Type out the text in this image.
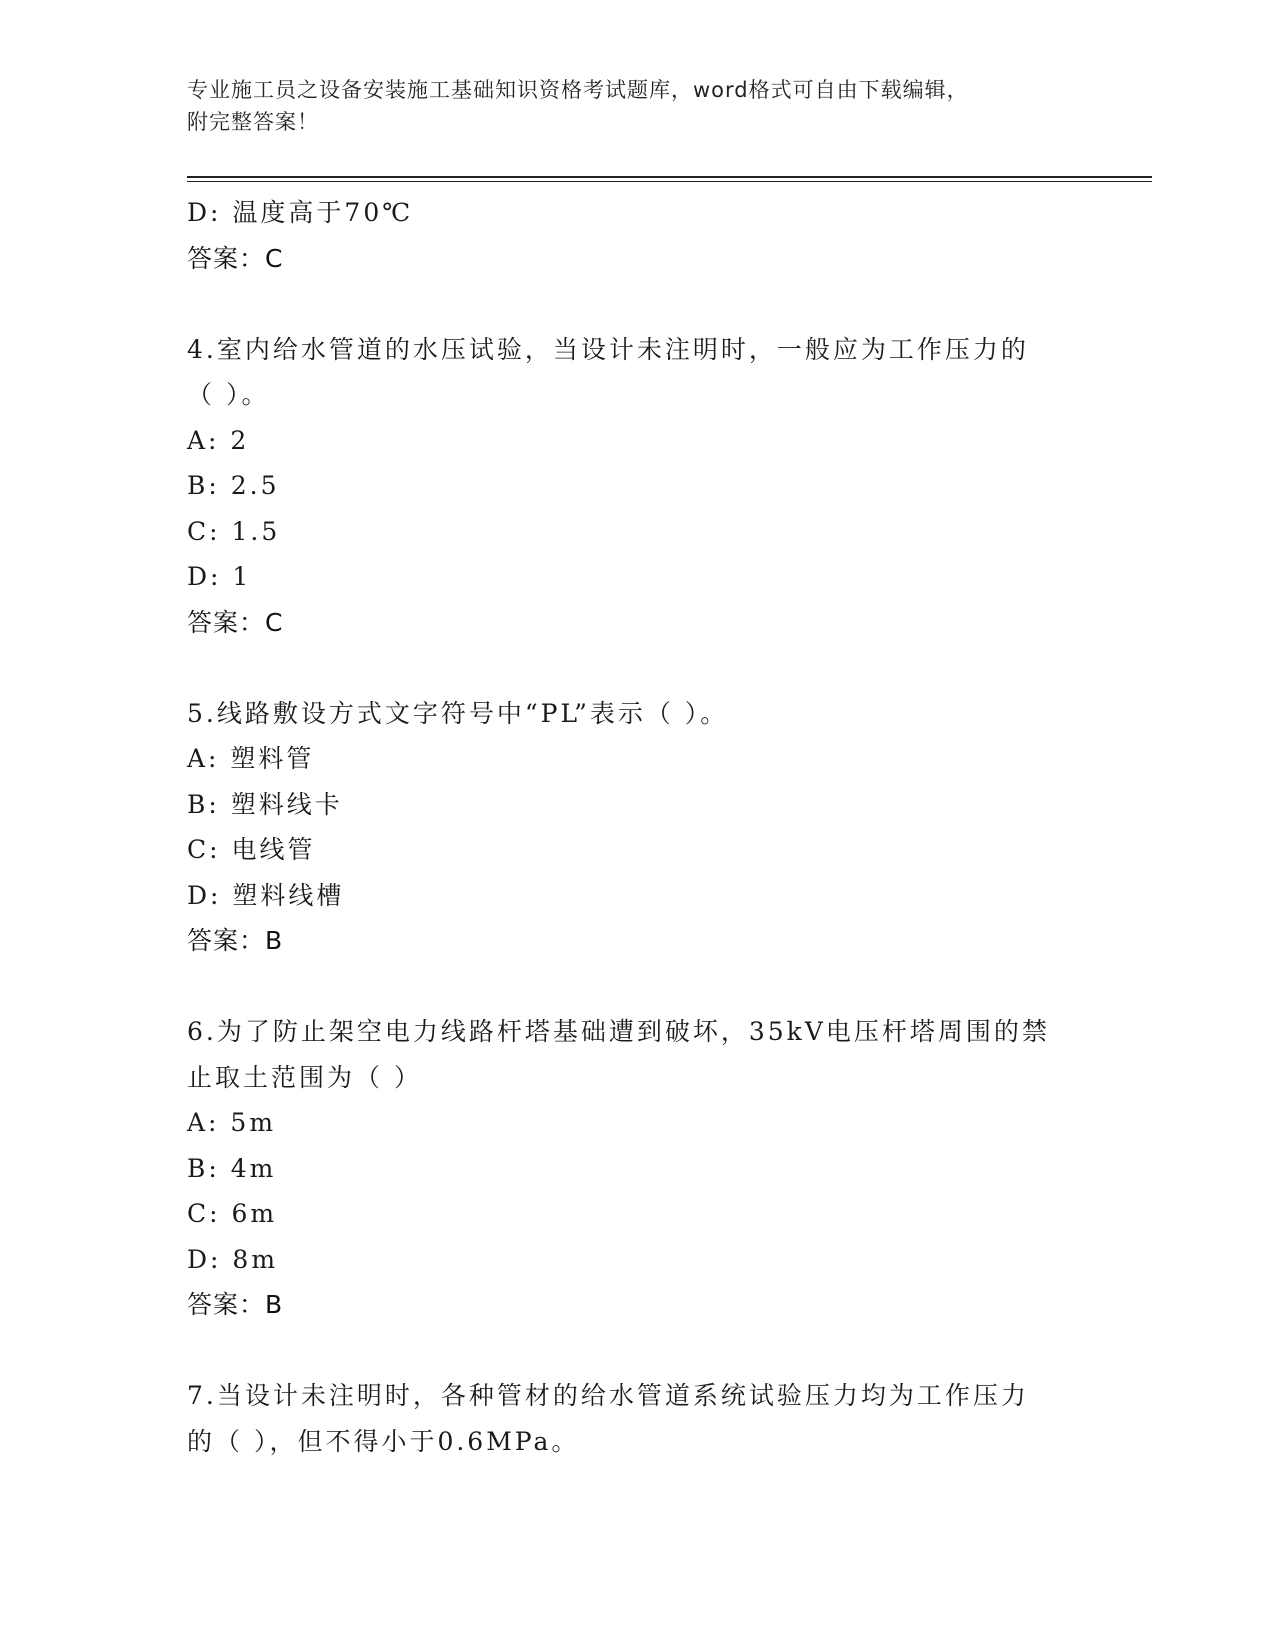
专业施工员之设备安装施工基础知识资格考试题库，word格式可自由下载编辑，
附完整答案！
D: 温度高于70℃
答案：C
4.室内给水管道的水压试验，当设计未注明时，一般应为工作压力的
（ ）。
A: 2
B: 2.5
C: 1.5
D: 1
答案：C
5.线路敷设方式文字符号中“PL”表示（ ）。
A: 塑料管
B: 塑料线卡
C: 电线管
D: 塑料线槽
答案：B
6.为了防止架空电力线路杆塔基础遭到破坏，35kV电压杆塔周围的禁
止取土范围为（ ）
A: 5m
B: 4m
C: 6m
D: 8m
答案：B
7.当设计未注明时，各种管材的给水管道系统试验压力均为工作压力
的（ ），但不得小于0.6MPa。
